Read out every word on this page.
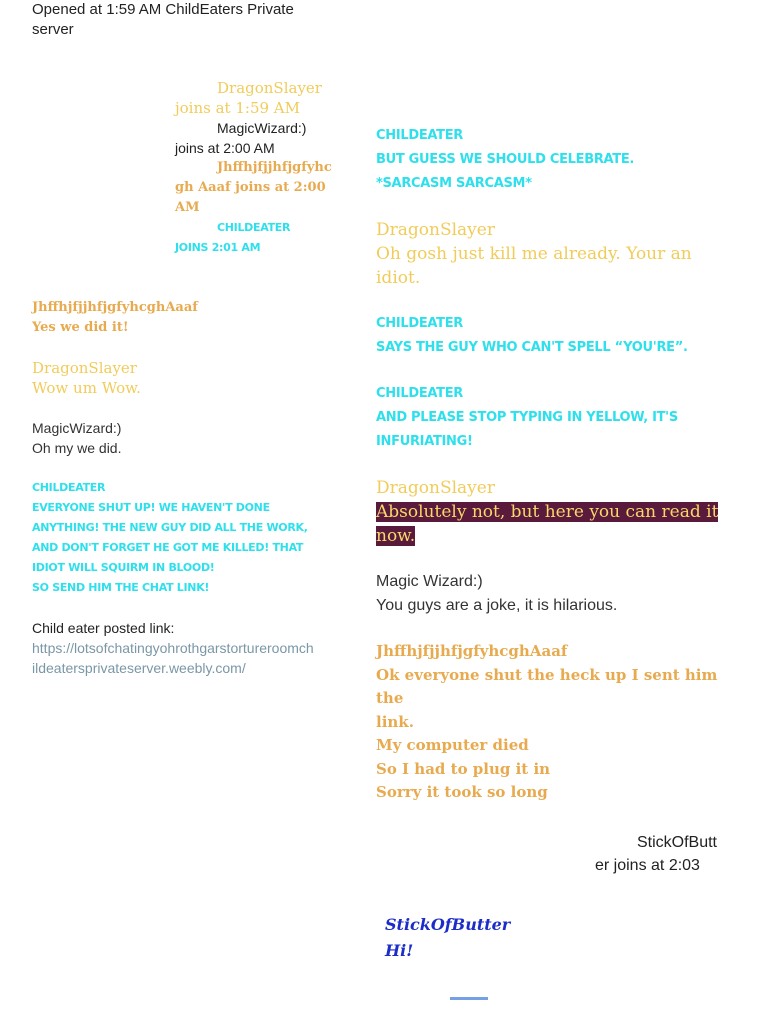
Opened at 1:59 AM ChildEaters Private
server
DragonSlayer
joins at 1:59 AM
MagicWizard:)
joins at 2:00 AM
Jhffhjfjjhfjgfyhc
gh Aaaf joins at 2:00
AM
CHILDEATER
JOINS 2:01 AM
JhffhjfjjhfjgfyhcghAaaf
Yes we did it!
DragonSlayer
Wow um Wow.
MagicWizard:)
Oh my we did.
CHILDEATER
EVERYONE SHUT UP! WE HAVEN'T DONE
ANYTHING! THE NEW GUY DID ALL THE WORK,
AND DON'T FORGET HE GOT ME KILLED! THAT
IDIOT WILL SQUIRM IN BLOOD!
SO SEND HIM THE CHAT LINK!
Child eater posted link:
https://lotsofchatingyohrothgarstortureroomch
ildeatersprivateserver.weebly.com/
CHILDEATER
BUT GUESS WE SHOULD CELEBRATE.
*SARCASM SARCASM*
DragonSlayer
Oh gosh just kill me already. Your an
idiot.
CHILDEATER
SAYS THE GUY WHO CAN'T SPELL “YOU'RE”.
CHILDEATER
AND PLEASE STOP TYPING IN YELLOW, IT'S
INFURIATING!
DragonSlayer
Absolutely not, but here you can read it
now.
Magic Wizard:)
You guys are a joke, it is hilarious.
JhffhjfjjhfjgfyhcghAaaf
Ok everyone shut the heck up I sent him the
link.
My computer died
So I had to plug it in
Sorry it took so long
StickOfButt
er joins at 2:03
StickOfButter
Hi!
